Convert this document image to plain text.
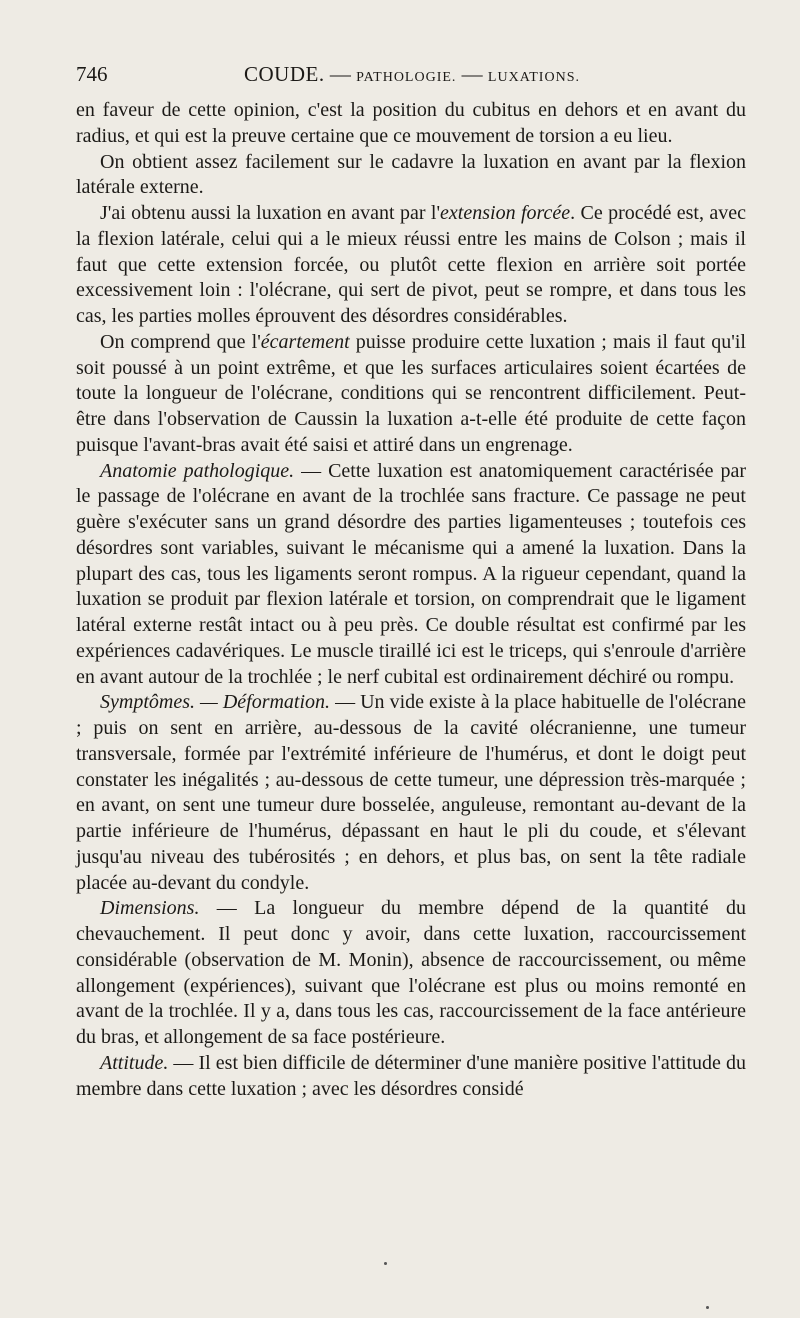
746	COUDE. — PATHOLOGIE. — LUXATIONS.

en faveur de cette opinion, c'est la position du cubitus en dehors et en avant du radius, et qui est la preuve certaine que ce mouvement de torsion a eu lieu.

On obtient assez facilement sur le cadavre la luxation en avant par la flexion latérale externe.

J'ai obtenu aussi la luxation en avant par l'extension forcée. Ce procédé est, avec la flexion latérale, celui qui a le mieux réussi entre les mains de Colson ; mais il faut que cette extension forcée, ou plutôt cette flexion en arrière soit portée excessivement loin : l'olécrane, qui sert de pivot, peut se rompre, et dans tous les cas, les parties molles éprouvent des désordres considérables.

On comprend que l'écartement puisse produire cette luxation ; mais il faut qu'il soit poussé à un point extrême, et que les surfaces articulaires soient écartées de toute la longueur de l'olécrane, conditions qui se rencontrent difficilement. Peut-être dans l'observation de Caussin la luxation a-t-elle été produite de cette façon puisque l'avant-bras avait été saisi et attiré dans un engrenage.

Anatomie pathologique. — Cette luxation est anatomiquement caractérisée par le passage de l'olécrane en avant de la trochlée sans fracture. Ce passage ne peut guère s'exécuter sans un grand désordre des parties ligamenteuses ; toutefois ces désordres sont variables, suivant le mécanisme qui a amené la luxation. Dans la plupart des cas, tous les ligaments seront rompus. A la rigueur cependant, quand la luxation se produit par flexion latérale et torsion, on comprendrait que le ligament latéral externe restât intact ou à peu près. Ce double résultat est confirmé par les expériences cadavériques. Le muscle tiraillé ici est le triceps, qui s'enroule d'arrière en avant autour de la trochlée ; le nerf cubital est ordinairement déchiré ou rompu.

Symptômes. — Déformation. — Un vide existe à la place habituelle de l'olécrane ; puis on sent en arrière, au-dessous de la cavité olécranienne, une tumeur transversale, formée par l'extrémité inférieure de l'humérus, et dont le doigt peut constater les inégalités ; au-dessous de cette tumeur, une dépression très-marquée ; en avant, on sent une tumeur dure bosselée, anguleuse, remontant au-devant de la partie inférieure de l'humérus, dépassant en haut le pli du coude, et s'élevant jusqu'au niveau des tubérosités ; en dehors, et plus bas, on sent la tête radiale placée au-devant du condyle.

Dimensions. — La longueur du membre dépend de la quantité du chevauchement. Il peut donc y avoir, dans cette luxation, raccourcissement considérable (observation de M. Monin), absence de raccourcissement, ou même allongement (expériences), suivant que l'olécrane est plus ou moins remonté en avant de la trochlée. Il y a, dans tous les cas, raccourcissement de la face antérieure du bras, et allongement de sa face postérieure.

Attitude. — Il est bien difficile de déterminer d'une manière positive l'attitude du membre dans cette luxation ; avec les désordres considé
